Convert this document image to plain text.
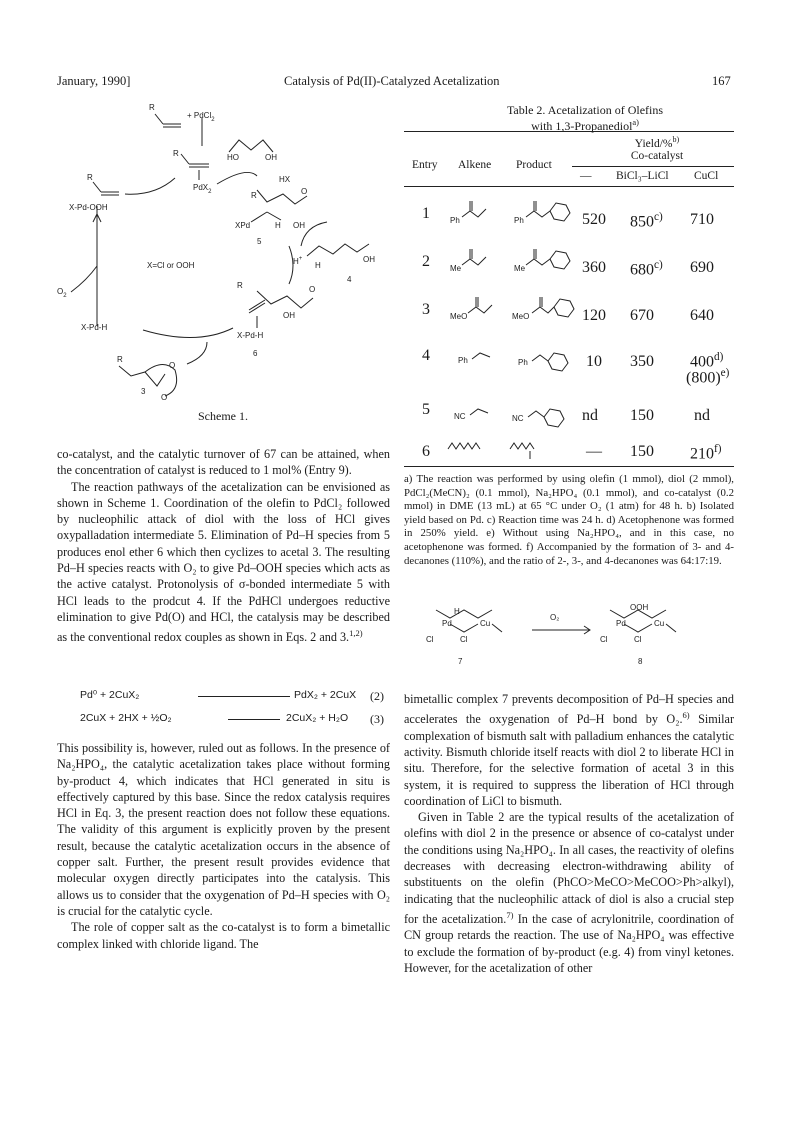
January, 1990]	Catalysis of Pd(II)-Catalyzed Acetalization	167
R
+ PdCl$_2$
R
PdX$_2$
HO	OH
HX
R
X-Pd-OOH
R	O
XPd	H OH
5
X=Cl or OOH	H+	OH
H
4
$O_2$
R	O
OH
X-Pd-H
X-Pd-H
6
R
O
O
3
Scheme 1.

co-catalyst, and the catalytic turnover of 67 can be attained, when the concentration of catalyst is reduced to 1 mol% (Entry 9).

The reaction pathways of the acetalization can be envisioned as shown in Scheme 1. Coordination of the olefin to PdCl₂ followed by nucleophilic attack of diol with the loss of HCl gives oxypalladation intermediate 5. Elimination of Pd–H species from 5 produces enol ether 6 which then cyclizes to acetal 3. The resulting Pd–H species reacts with O₂ to give Pd–OOH species which acts as the active catalyst. Protonolysis of σ-bonded intermediate 5 with HCl leads to the prodcut 4. If the PdHCl undergoes reductive elimination to give Pd(O) and HCl, the catalysis may be described as the conventional redox couples as shown in Eqs. 2 and 3.$^{1,2)}$

Pd⁰ + 2CuX₂	PdX₂ + 2CuX (2)
2CuX + 2HX + ½O₂	2CuX₂ + H₂O (3)

This possibility is, however, ruled out as follows. In the presence of Na₂HPO₄, the catalytic acetalization takes place without forming by-product 4, which indicates that HCl generated in situ is effectively captured by this base. Since the redox catalysis requires HCl in Eq. 3, the present reaction does not follow these equations. The validity of this argument is explicitly proven by the present result, because the catalytic acetalization occurs in the absence of copper salt. Further, the present result provides evidence that molecular oxygen directly participates into the catalysis. This allows us to consider that the oxygenation of Pd–H species with O₂ is crucial for the catalytic cycle.

The role of copper salt as the co-catalyst is to form a bimetallic complex linked with chloride ligand. The

Table 2. Acetalization of Olefins
with 1,3-Propanediol$^{a)}$
Yield/%$^{b)}$
Co-catalyst
Entry Alkene Product
— BiCl₃–LiCl CuCl
1	520 850$^{c)}$ 710
2	360 680$^{c)}$ 690
3	120 670 640
4	10 350 400$^{d)}$
$(800)^{e)}$
5	nd 150	nd
6	— 150 210$^{f)}$
Ph	Ph
Me	Me
MeO	MeO
Ph	Ph
NC	NC

a) The reaction was performed by using olefin (1 mmol), diol (2 mmol), PdCl₂(MeCN)₂ (0.1 mmol), Na₂HPO₄ (0.1 mmol), and co-catalyst (0.2 mmol) in DME (13 mL) at 65 °C under O₂ (1 atm) for 48 h. b) Isolated yield based on Pd. c) Reaction time was 24 h. d) Acetophenone was formed in 250% yield. e) Without using Na₂HPO₄, and in this case, no acetophenone was formed. f) Accompanied by the formation of 3- and 4-decanones (110%), and the ratio of 2-, 3-, and 4-decanones was 64:17:19.

H
Pd	Cu
Cl	Cl
O₂
OOH
Pd	Cu
Cl	Cl
7	8

bimetallic complex 7 prevents decomposition of Pd–H species and accelerates the oxygenation of Pd–H bond by O₂.$^{6)}$ Similar complexation of bismuth salt with palladium enhances the catalytic activity. Bismuth chloride itself reacts with diol 2 to liberate HCl in situ. Therefore, for the selective formation of acetal 3 in this system, it is required to suppress the liberation of HCl through coordination of LiCl to bismuth.

Given in Table 2 are the typical results of the acetalization of olefins with diol 2 in the presence or absence of co-catalyst under the conditions using Na₂HPO₄. In all cases, the reactivity of olefins decreases with decreasing electron-withdrawing ability of substituents on the olefin (PhCO>MeCO>MeCOO>Ph>alkyl), indicating that the nucleophilic attack of diol is also a crucial step for the acetalization.$^{7)}$ In the case of acrylonitrile, coordination of CN group retards the reaction. The use of Na₂HPO₄ was effective to exclude the formation of by-product (e.g. 4) from vinyl ketones. However, for the acetalization of other
